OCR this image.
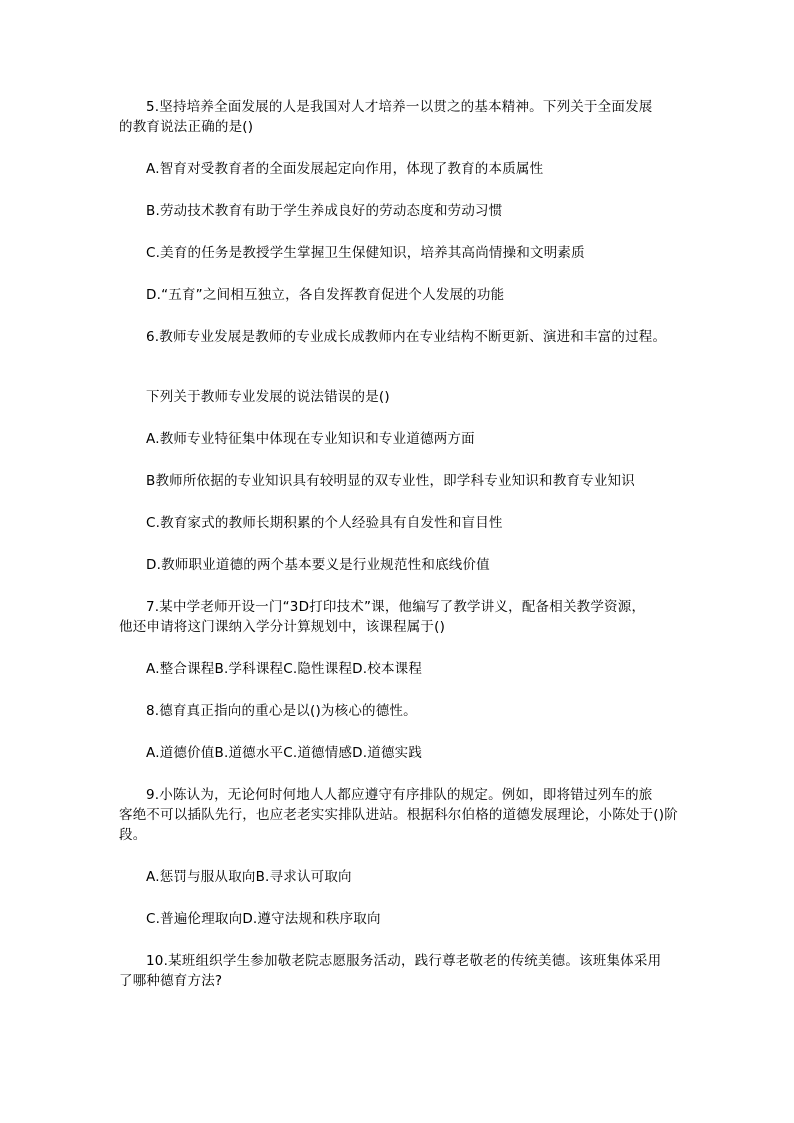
5.坚持培养全面发展的人是我国对人才培养一以贯之的基本精神。下列关于全面发展
的教育说法正确的是()
A.智育对受教育者的全面发展起定向作用，体现了教育的本质属性
B.劳动技术教育有助于学生养成良好的劳动态度和劳动习惯
C.美育的任务是教授学生掌握卫生保健知识，培养其高尚情操和文明素质
D.“五育”之间相互独立，各自发挥教育促进个人发展的功能
6.教师专业发展是教师的专业成长成教师内在专业结构不断更新、演进和丰富的过程。
下列关于教师专业发展的说法错误的是()
A.教师专业特征集中体现在专业知识和专业道德两方面
B教师所依据的专业知识具有较明显的双专业性，即学科专业知识和教育专业知识
C.教育家式的教师长期积累的个人经验具有自发性和盲目性
D.教师职业道德的两个基本要义是行业规范性和底线价值
7.某中学老师开设一门“3D打印技术”课，他编写了教学讲义，配备相关教学资源，
他还申请将这门课纳入学分计算规划中，该课程属于()
A.整合课程B.学科课程C.隐性课程D.校本课程
8.德育真正指向的重心是以()为核心的德性。
A.道德价值B.道德水平C.道德情感D.道德实践
9.小陈认为，无论何时何地人人都应遵守有序排队的规定。例如，即将错过列车的旅
客绝不可以插队先行，也应老老实实排队进站。根据科尔伯格的道德发展理论，小陈处于()阶
段。
A.惩罚与服从取向B.寻求认可取向
C.普遍伦理取向D.遵守法规和秩序取向
10.某班组织学生参加敬老院志愿服务活动，践行尊老敬老的传统美德。该班集体采用
了哪种德育方法?
